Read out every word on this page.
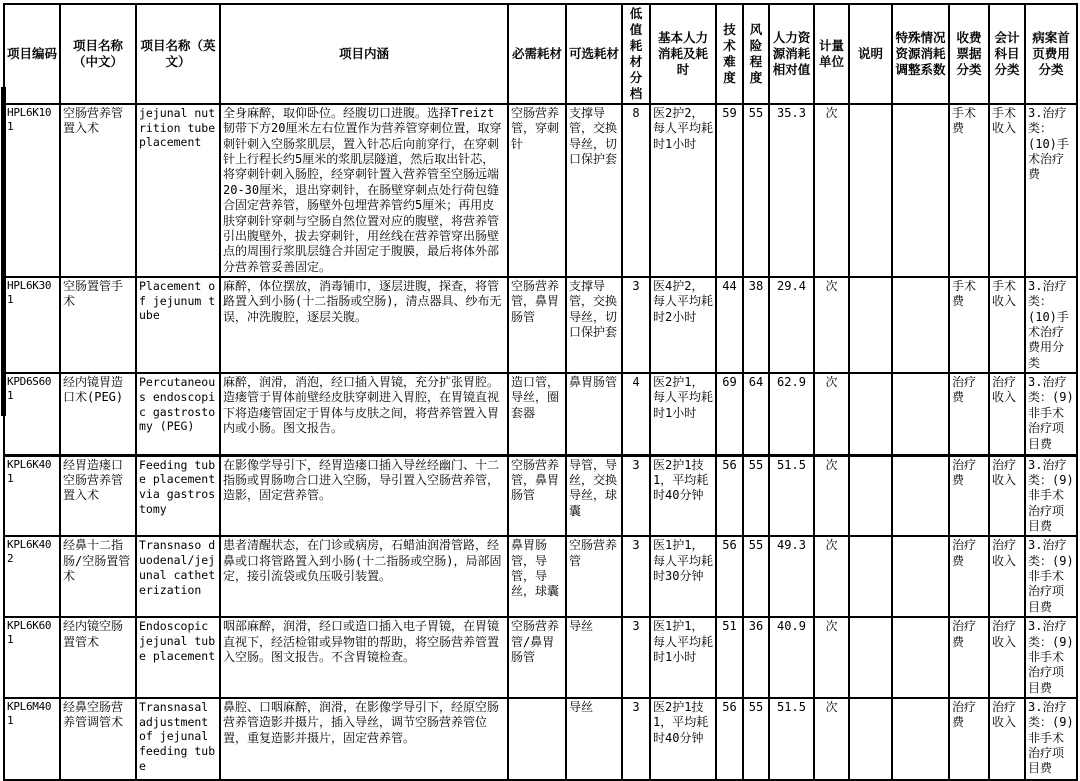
项目编码	项目名称（中文）	项目名称（英文）	项目内涵	必需耗材	可选耗材	低值耗材分档	基本人力消耗及耗时	技术难度	风险程度	人力资源消耗相对值	计量单位	说明	特殊情况资源消耗调整系数	收费票据分类	会计科目分类	病案首页费用分类
HPL6K101	空肠营养管置入术	jejunal nutrition tube placement	全身麻醉，取仰卧位。经腹切口进腹。选择Treizt韧带下方20厘米左右位置作为营养管穿刺位置，取穿刺针刺入空肠浆肌层，置入针芯后向前穿行，在穿刺针上行程长约5厘米的浆肌层隧道，然后取出针芯，将穿刺针刺入肠腔，经穿刺针置入营养管至空肠远端20-30厘米，退出穿刺针，在肠壁穿刺点处行荷包缝合固定营养管，肠壁外包埋营养管约5厘米；再用皮肤穿刺针穿刺与空肠自然位置对应的腹壁，将营养管引出腹壁外，拔去穿刺针，用丝线在营养管穿出肠壁点的周围行浆肌层缝合并固定于腹膜，最后将体外部分营养管妥善固定。	空肠营养管，穿刺针	支撑导管，交换导丝，切口保护套	8	医2护2，每人平均耗时1小时	59	55	35.3	次			手术费	手术收入	3.治疗类：(10)手术治疗费
HPL6K301	空肠置管手术	Placement of jejunum tube	麻醉，体位摆放，消毒铺巾，逐层进腹，探查，将管路置入到小肠(十二指肠或空肠)，清点器具、纱布无误，冲洗腹腔，逐层关腹。	空肠营养管，鼻胃肠管	支撑导管，交换导丝，切口保护套	3	医4护2，每人平均耗时2小时	44	38	29.4	次			手术费	手术收入	3.治疗类：(10)手术治疗费用分类
KPD6S601	经内镜胃造口术(PEG)	Percutaneous endoscopic gastrostomy (PEG)	麻醉，润滑，消泡，经口插入胃镜，充分扩张胃腔。造瘘管于胃体前壁经皮肤穿刺进入胃腔，在胃镜直视下将造瘘管固定于胃体与皮肤之间，将营养管置入胃内或小肠。图文报告。	造口管，导丝，圈套器	鼻胃肠管	4	医2护1，每人平均耗时1小时	69	64	62.9	次			治疗费	治疗收入	3.治疗类：(9)非手术治疗项目费
KPL6K401	经胃造瘘口空肠营养管置入术	Feeding tube placement via gastrostomy	在影像学导引下，经胃造瘘口插入导丝经幽门、十二指肠或胃肠吻合口进入空肠，导引置入空肠营养管，造影，固定营养管。	空肠营养管，鼻胃肠管	导管，导丝，交换导丝，球囊	3	医2护1技1，平均耗时40分钟	56	55	51.5	次			治疗费	治疗收入	3.治疗类：(9)非手术治疗项目费
KPL6K402	经鼻十二指肠/空肠置管术	Transnaso duodenal/jejunal catheterization	患者清醒状态，在门诊或病房，石蜡油润滑管路，经鼻或口将管路置入到小肠(十二指肠或空肠)，局部固定，接引流袋或负压吸引装置。	鼻胃肠管，导管，导丝，球囊	空肠营养管	3	医1护1，每人平均耗时30分钟	56	55	49.3	次			治疗费	治疗收入	3.治疗类：(9)非手术治疗项目费
KPL6K601	经内镜空肠置管术	Endoscopic jejunal tube placement	咽部麻醉，润滑，经口或造口插入电子胃镜，在胃镜直视下，经活检钳或异物钳的帮助，将空肠营养管置入空肠。图文报告。不含胃镜检查。	空肠营养管/鼻胃肠管	导丝	3	医1护1，每人平均耗时1小时	51	36	40.9	次			治疗费	治疗收入	3.治疗类：(9)非手术治疗项目费
KPL6M401	经鼻空肠营养管调管术	Transnasal adjustment of jejunal feeding tube	鼻腔、口咽麻醉，润滑，在影像学导引下，经原空肠营养管造影并摄片，插入导丝，调节空肠营养管位置，重复造影并摄片，固定营养管。		导丝	3	医2护1技1，平均耗时40分钟	56	55	51.5	次			治疗费	治疗收入	3.治疗类：(9)非手术治疗项目费
